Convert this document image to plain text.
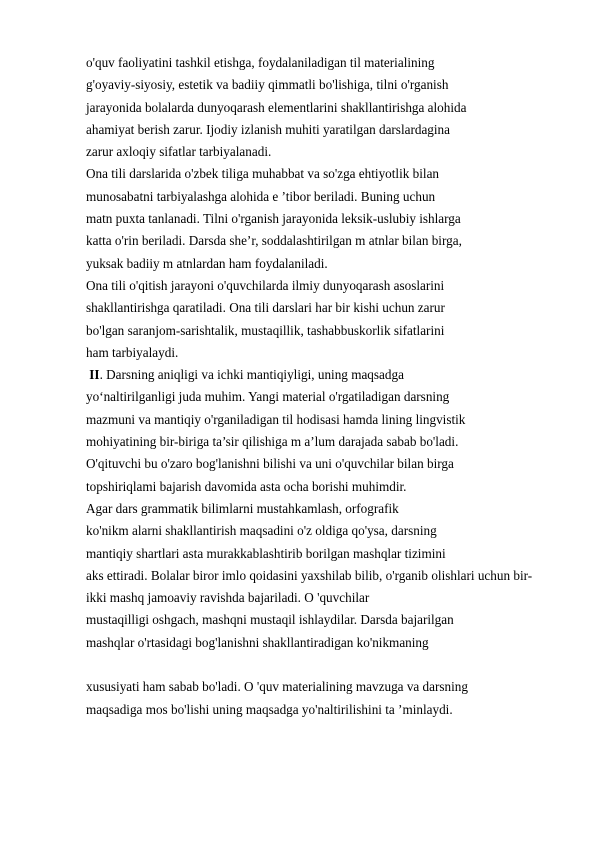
o'quv faoliyatini tashkil etishga, foydalaniladigan til materialining
g'oyaviy-siyosiy, estetik va badiiy qimmatli bo'lishiga, tilni o'rganish
jarayonida bolalarda dunyoqarash elementlarini shakllantirishga alohida
ahamiyat berish zarur. Ijodiy izlanish muhiti yaratilgan darslardagina
zarur axloqiy sifatlar tarbiyalanadi.
Ona tili darslarida o'zbek tiliga muhabbat va so'zga ehtiyotlik bilan
munosabatni tarbiyalashga alohida e ’tibor beriladi. Buning uchun
matn puxta tanlanadi. Tilni o'rganish jarayonida leksik-uslubiy ishlarga
katta o'rin beriladi. Darsda she’r, soddalashtirilgan m atnlar bilan birga,
yuksak badiiy m atnlardan ham foydalaniladi.
Ona tili o'qitish jarayoni o'quvchilarda ilmiy dunyoqarash asoslarini
shakllantirishga qaratiladi. Ona tili darslari har bir kishi uchun zarur
bo'lgan saranjom-sarishtalik, mustaqillik, tashabbuskorlik sifatlarini
ham tarbiyalaydi.
II. Darsning aniqligi va ichki mantiqiyligi, uning maqsadga
yo‘naltirilganligi juda muhim. Yangi material o'rgatiladigan darsning
mazmuni va mantiqiy o'rganiladigan til hodisasi hamda lining lingvistik
mohiyatining bir-biriga ta’sir qilishiga m a’lum darajada sabab bo'ladi.
O'qituvchi bu o'zaro bog'lanishni bilishi va uni o'quvchilar bilan birga
topshiriqlami bajarish davomida asta ocha borishi muhimdir.
Agar dars grammatik bilimlarni mustahkamlash, orfografik
ko'nikm alarni shakllantirish maqsadini o'z oldiga qo'ysa, darsning
mantiqiy shartlari asta murakkablashtirib borilgan mashqlar tizimini
aks ettiradi. Bolalar biror imlo qoidasini yaxshilab bilib, o'rganib olishlari uchun bir-
ikki mashq jamoaviy ravishda bajariladi. O 'quvchilar
mustaqilligi oshgach, mashqni mustaqil ishlaydilar. Darsda bajarilgan
mashqlar o'rtasidagi bog'lanishni shakllantiradigan ko'nikmaning
xususiyati ham sabab bo'ladi. O 'quv materialining mavzuga va darsning
maqsadiga mos bo'lishi uning maqsadga yo'naltirilishini ta ’minlaydi.
